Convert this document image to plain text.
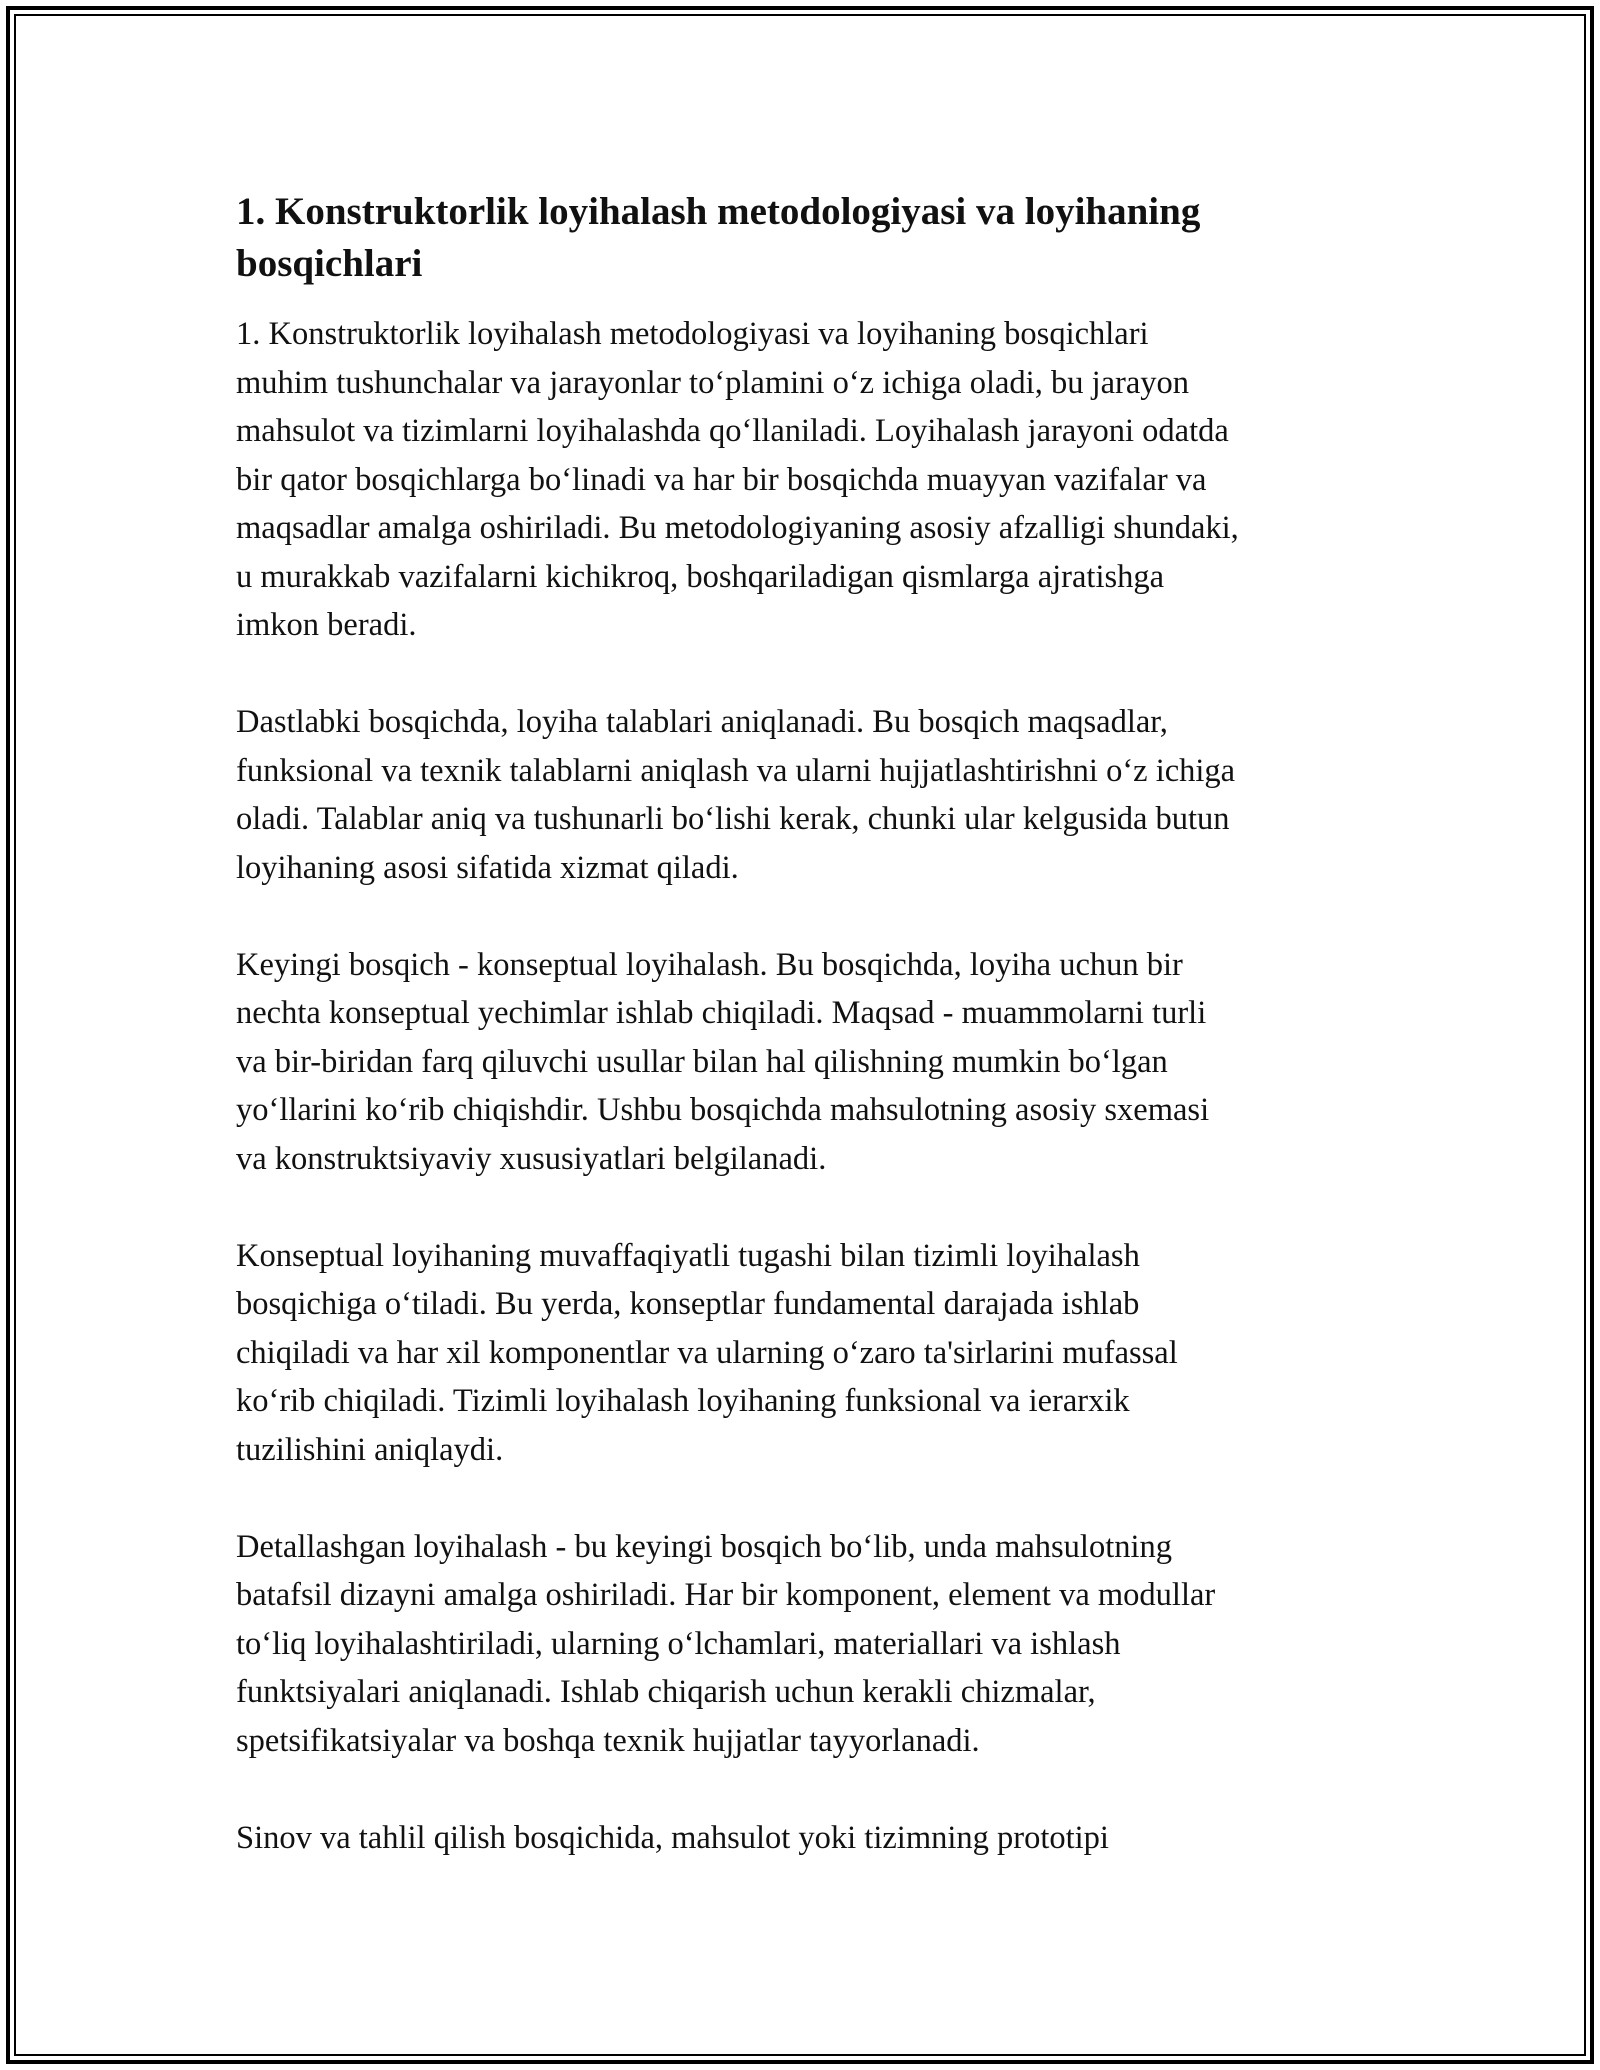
1. Konstruktorlik loyihalash metodologiyasi va loyihaning
bosqichlari

1. Konstruktorlik loyihalash metodologiyasi va loyihaning bosqichlari
muhim tushunchalar va jarayonlar to‘plamini o‘z ichiga oladi, bu jarayon
mahsulot va tizimlarni loyihalashda qo‘llaniladi. Loyihalash jarayoni odatda
bir qator bosqichlarga bo‘linadi va har bir bosqichda muayyan vazifalar va
maqsadlar amalga oshiriladi. Bu metodologiyaning asosiy afzalligi shundaki,
u murakkab vazifalarni kichikroq, boshqariladigan qismlarga ajratishga
imkon beradi.

Dastlabki bosqichda, loyiha talablari aniqlanadi. Bu bosqich maqsadlar,
funksional va texnik talablarni aniqlash va ularni hujjatlashtirishni o‘z ichiga
oladi. Talablar aniq va tushunarli bo‘lishi kerak, chunki ular kelgusida butun
loyihaning asosi sifatida xizmat qiladi.

Keyingi bosqich - konseptual loyihalash. Bu bosqichda, loyiha uchun bir
nechta konseptual yechimlar ishlab chiqiladi. Maqsad - muammolarni turli
va bir-biridan farq qiluvchi usullar bilan hal qilishning mumkin bo‘lgan
yo‘llarini ko‘rib chiqishdir. Ushbu bosqichda mahsulotning asosiy sxemasi
va konstruktsiyaviy xususiyatlari belgilanadi.

Konseptual loyihaning muvaffaqiyatli tugashi bilan tizimli loyihalash
bosqichiga o‘tiladi. Bu yerda, konseptlar fundamental darajada ishlab
chiqiladi va har xil komponentlar va ularning o‘zaro ta'sirlarini mufassal
ko‘rib chiqiladi. Tizimli loyihalash loyihaning funksional va ierarxik
tuzilishini aniqlaydi.

Detallashgan loyihalash - bu keyingi bosqich bo‘lib, unda mahsulotning
batafsil dizayni amalga oshiriladi. Har bir komponent, element va modullar
to‘liq loyihalashtiriladi, ularning o‘lchamlari, materiallari va ishlash
funktsiyalari aniqlanadi. Ishlab chiqarish uchun kerakli chizmalar,
spetsifikatsiyalar va boshqa texnik hujjatlar tayyorlanadi.

Sinov va tahlil qilish bosqichida, mahsulot yoki tizimning prototipi
